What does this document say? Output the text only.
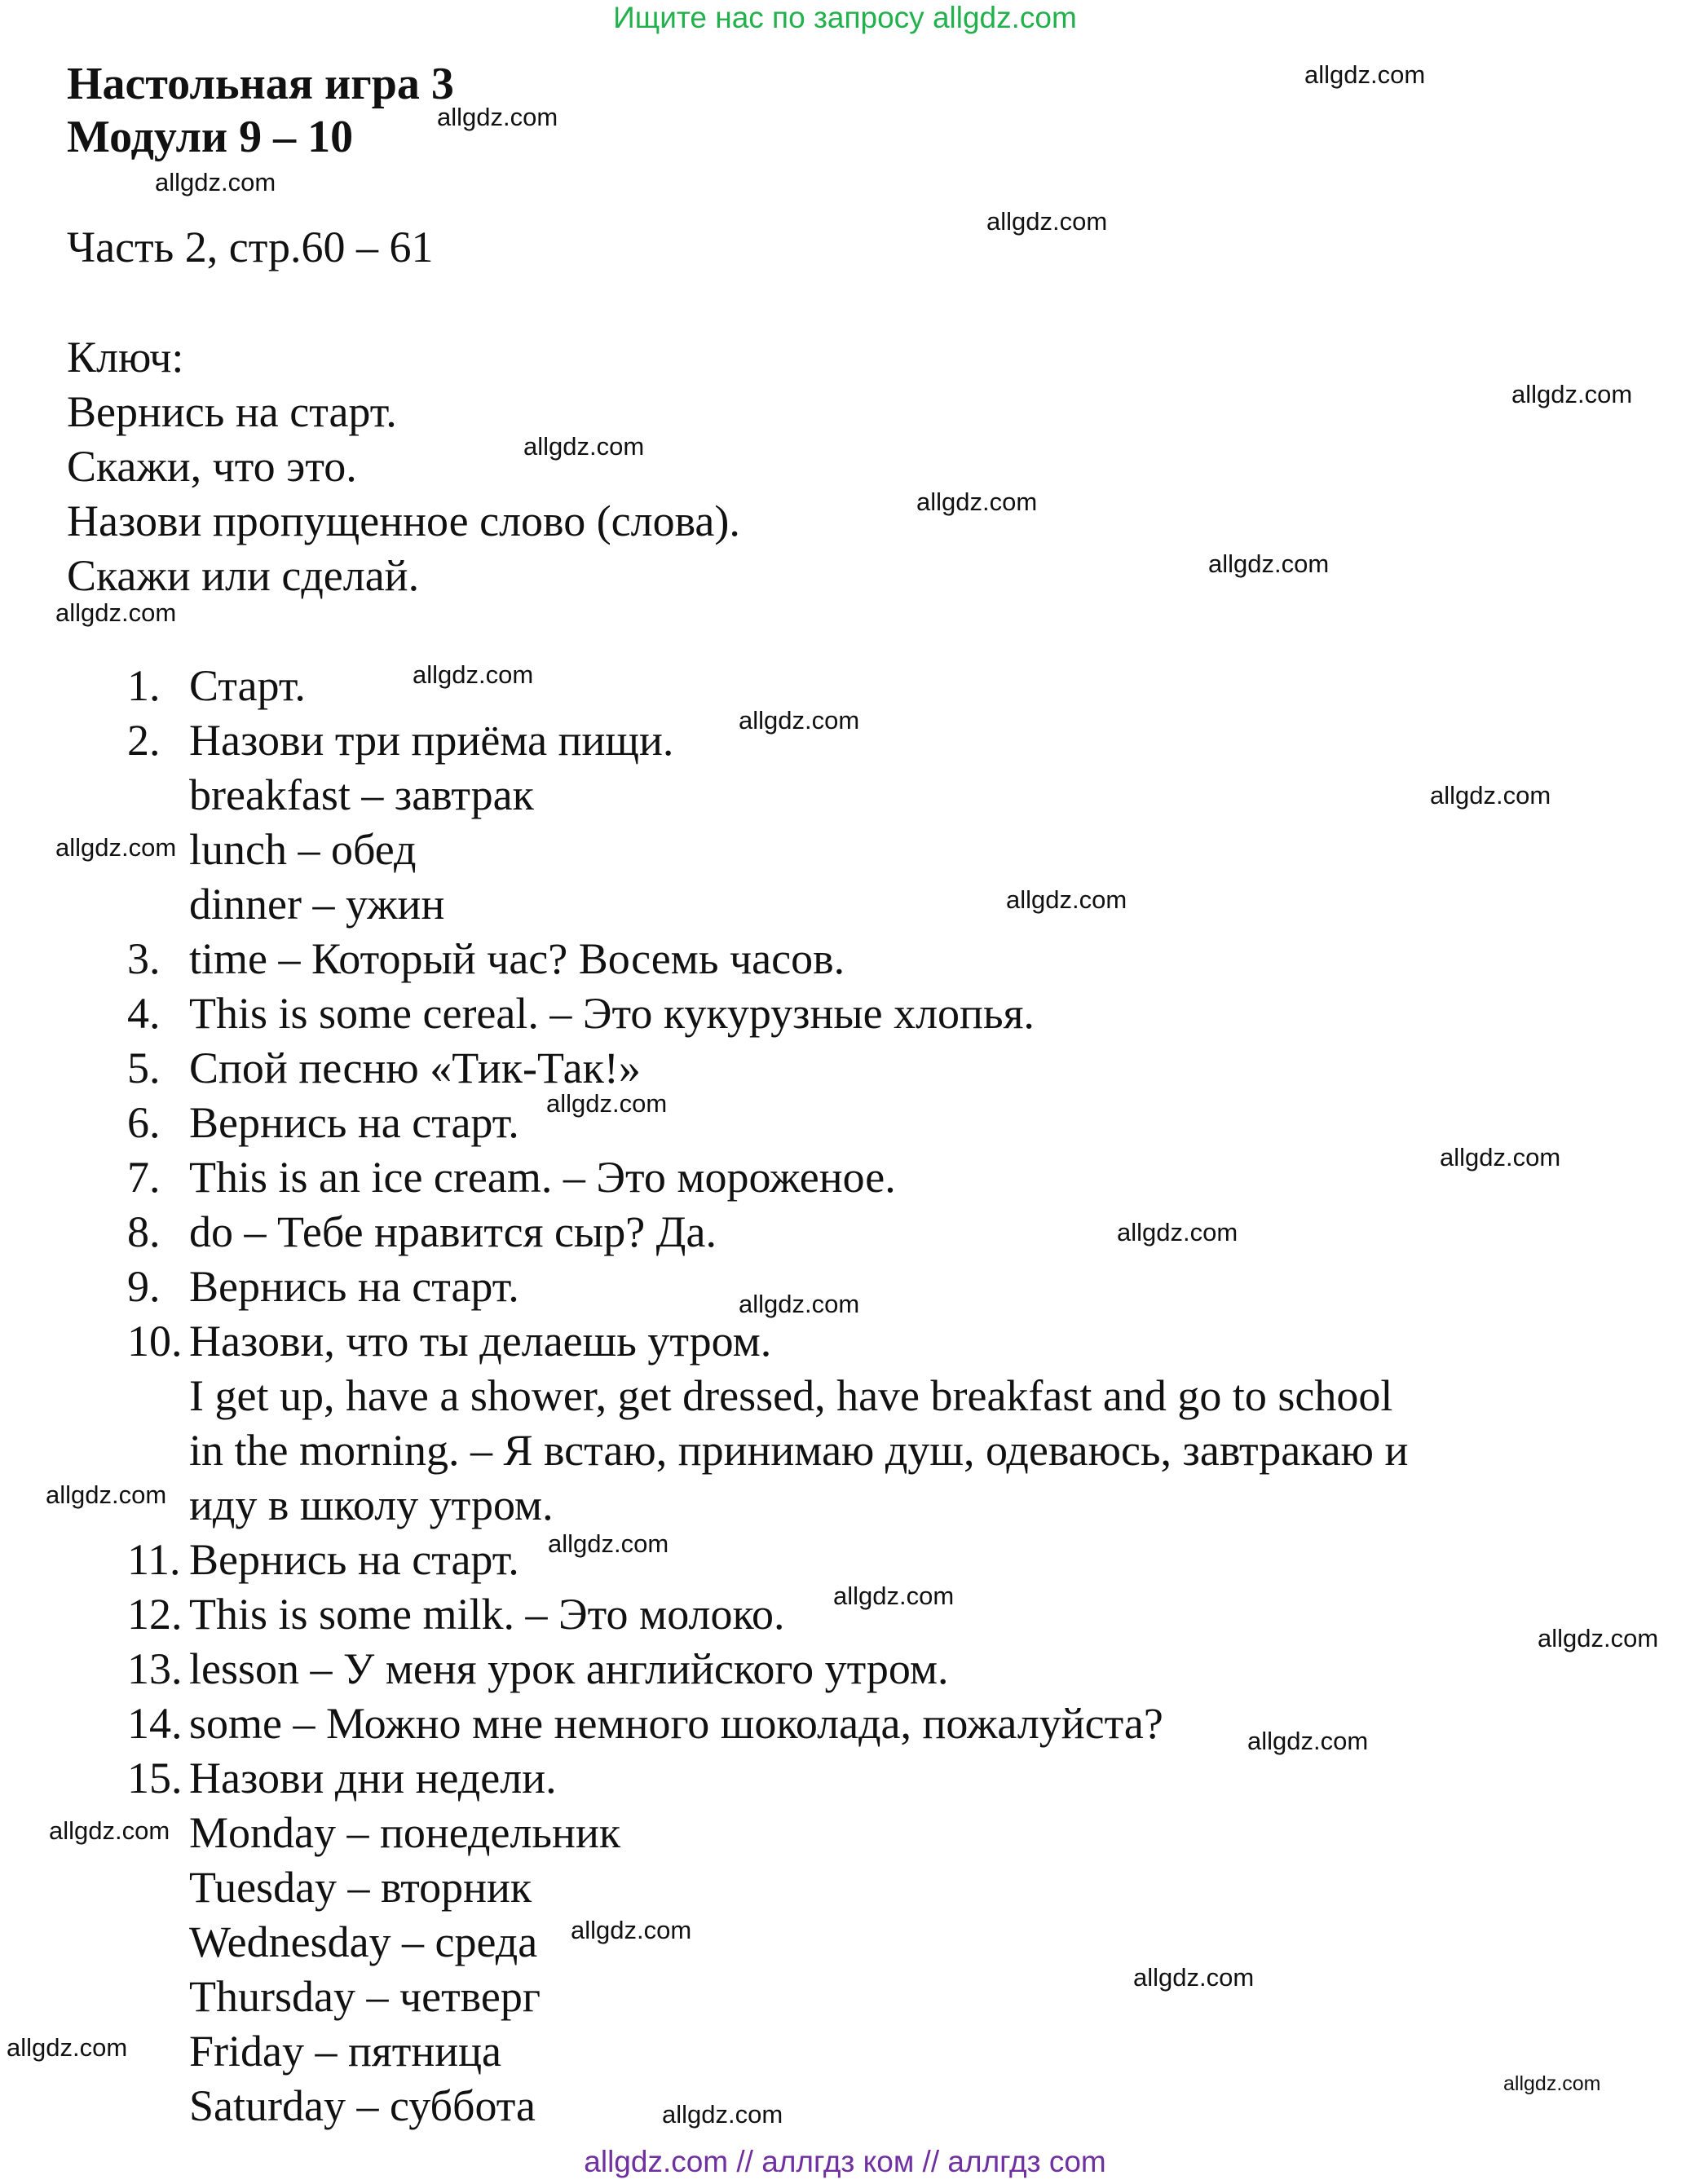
Ищите нас по запросу allgdz.com
Настольная игра 3
Модули 9 – 10
Часть 2, стр.60 – 61
Ключ:
Вернись на старт.
Скажи, что это.
Назови пропущенное слово (слова).
Скажи или сделай.
1. Старт.
2. Назови три приёма пищи.
breakfast – завтрак
lunch – обед
dinner – ужин
3. time – Который час? Восемь часов.
4. This is some cereal. – Это кукурузные хлопья.
5. Спой песню «Тик-Так!»
6. Вернись на старт.
7. This is an ice cream. – Это мороженое.
8. do – Тебе нравится сыр? Да.
9. Вернись на старт.
10. Назови, что ты делаешь утром.
I get up, have a shower, get dressed, have breakfast and go to school
in the morning. – Я встаю, принимаю душ, одеваюсь, завтракаю и
иду в школу утром.
11. Вернись на старт.
12. This is some milk. – Это молоко.
13. lesson – У меня урок английского утром.
14. some – Можно мне немного шоколада, пожалуйста?
15. Назови дни недели.
Monday – понедельник
Tuesday – вторник
Wednesday – среда
Thursday – четверг
Friday – пятница
Saturday – суббота
allgdz.com
allgdz.com
allgdz.com
allgdz.com
allgdz.com
allgdz.com
allgdz.com
allgdz.com
allgdz.com
allgdz.com
allgdz.com
allgdz.com
allgdz.com
allgdz.com
allgdz.com
allgdz.com
allgdz.com
allgdz.com
allgdz.com
allgdz.com
allgdz.com
allgdz.com
allgdz.com
allgdz.com
allgdz.com
allgdz.com
allgdz.com
allgdz.com
allgdz.com
allgdz.com // аллгдз ком // аллгдз com
